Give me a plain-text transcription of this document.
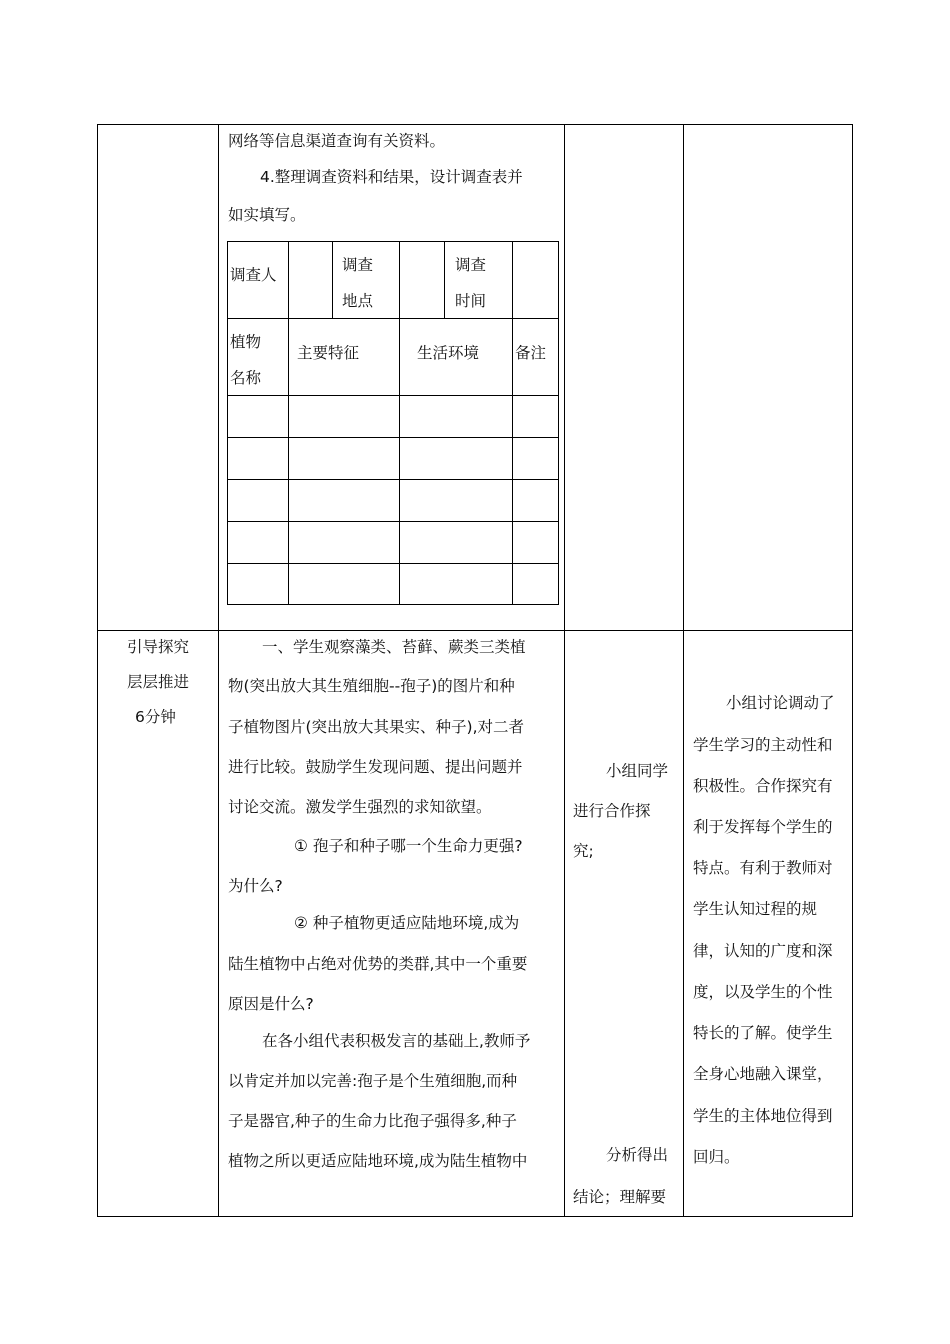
网络等信息渠道查询有关资料。
4.整理调查资料和结果，设计调查表并
如实填写。
调查人
调查
地点
调查
时间
植物
名称
主要特征	生活环境 备注
引导探究
层层推进
6分钟
一、学生观察藻类、苔藓、蕨类三类植
物(突出放大其生殖细胞--孢子)的图片和种
子植物图片(突出放大其果实、种子),对二者
进行比较。鼓励学生发现问题、提出问题并
讨论交流。激发学生强烈的求知欲望。
① 孢子和种子哪一个生命力更强?
为什么?
② 种子植物更适应陆地环境,成为
陆生植物中占绝对优势的类群,其中一个重要
原因是什么?
在各小组代表积极发言的基础上,教师予
以肯定并加以完善:孢子是个生殖细胞,而种
子是器官,种子的生命力比孢子强得多,种子
植物之所以更适应陆地环境,成为陆生植物中
小组同学
进行合作探
究;
分析得出
结论；理解要
小组讨论调动了
学生学习的主动性和
积极性。合作探究有
利于发挥每个学生的
特点。有利于教师对
学生认知过程的规
律，认知的广度和深
度，以及学生的个性
特长的了解。使学生
全身心地融入课堂，
学生的主体地位得到
回归。
